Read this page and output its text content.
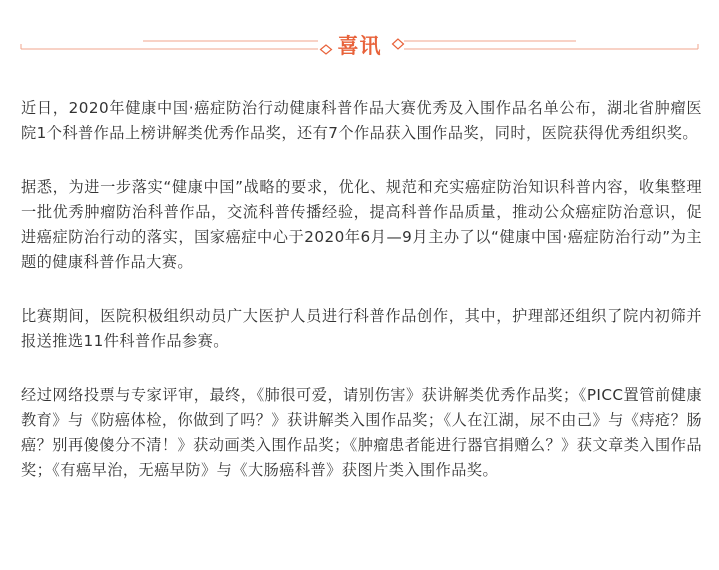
喜讯

近日，2020年健康中国·癌症防治行动健康科普作品大赛优秀及入围作品名单公布，湖北省肿瘤医院1个科普作品上榜讲解类优秀作品奖，还有7个作品获入围作品奖，同时，医院获得优秀组织奖。

据悉，为进一步落实“健康中国”战略的要求，优化、规范和充实癌症防治知识科普内容，收集整理一批优秀肿瘤防治科普作品，交流科普传播经验，提高科普作品质量，推动公众癌症防治意识，促进癌症防治行动的落实，国家癌症中心于2020年6月—9月主办了以“健康中国·癌症防治行动”为主题的健康科普作品大赛。

比赛期间，医院积极组织动员广大医护人员进行科普作品创作，其中，护理部还组织了院内初筛并报送推选11件科普作品参赛。

经过网络投票与专家评审，最终，《肺很可爱，请别伤害》获讲解类优秀作品奖；《PICC置管前健康教育》与《防癌体检，你做到了吗？》获讲解类入围作品奖；《人在江湖，尿不由己》与《痔疮？肠癌？别再傻傻分不清！》获动画类入围作品奖；《肿瘤患者能进行器官捐赠么？》获文章类入围作品奖；《有癌早治，无癌早防》与《大肠癌科普》获图片类入围作品奖。
